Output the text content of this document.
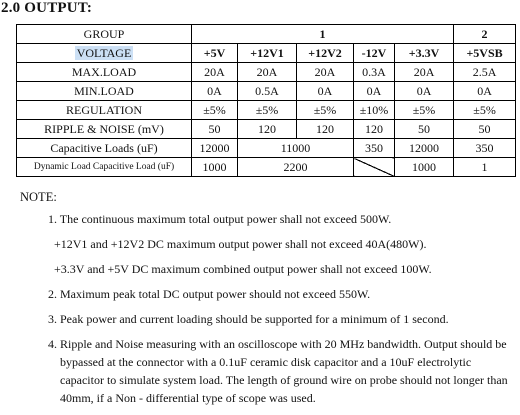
2.0 OUTPUT:
GROUP	1					2
VOLTAGE	+5V	+12V1	+12V2	-12V	+3.3V	+5VSB
MAX.LOAD	20A	20A	20A	0.3A	20A	2.5A
MIN.LOAD	0A	0.5A	0A	0A	0A	0A
REGULATION	±5%	±5%	±5%	±10%	±5%	±5%
RIPPLE & NOISE (mV)	50	120	120	120	50	50
Capacitive Loads (uF)	12000	11000		350	12000	350
Dynamic Load Capacitive Load (uF)	1000	2200			1000	1
NOTE:
1. The continuous maximum total output power shall not exceed 500W.
+12V1 and +12V2 DC maximum output power shall not exceed 40A(480W).
+3.3V and +5V DC maximum combined output power shall not exceed 100W.
2. Maximum peak total DC output power should not exceed 550W.
3. Peak power and current loading should be supported for a minimum of 1 second.
4. Ripple and Noise measuring with an oscilloscope with 20 MHz bandwidth. Output should be
bypassed at the connector with a 0.1uF ceramic disk capacitor and a 10uF electrolytic
capacitor to simulate system load. The length of ground wire on probe should not longer than
40mm, if a Non - differential type of scope was used.
